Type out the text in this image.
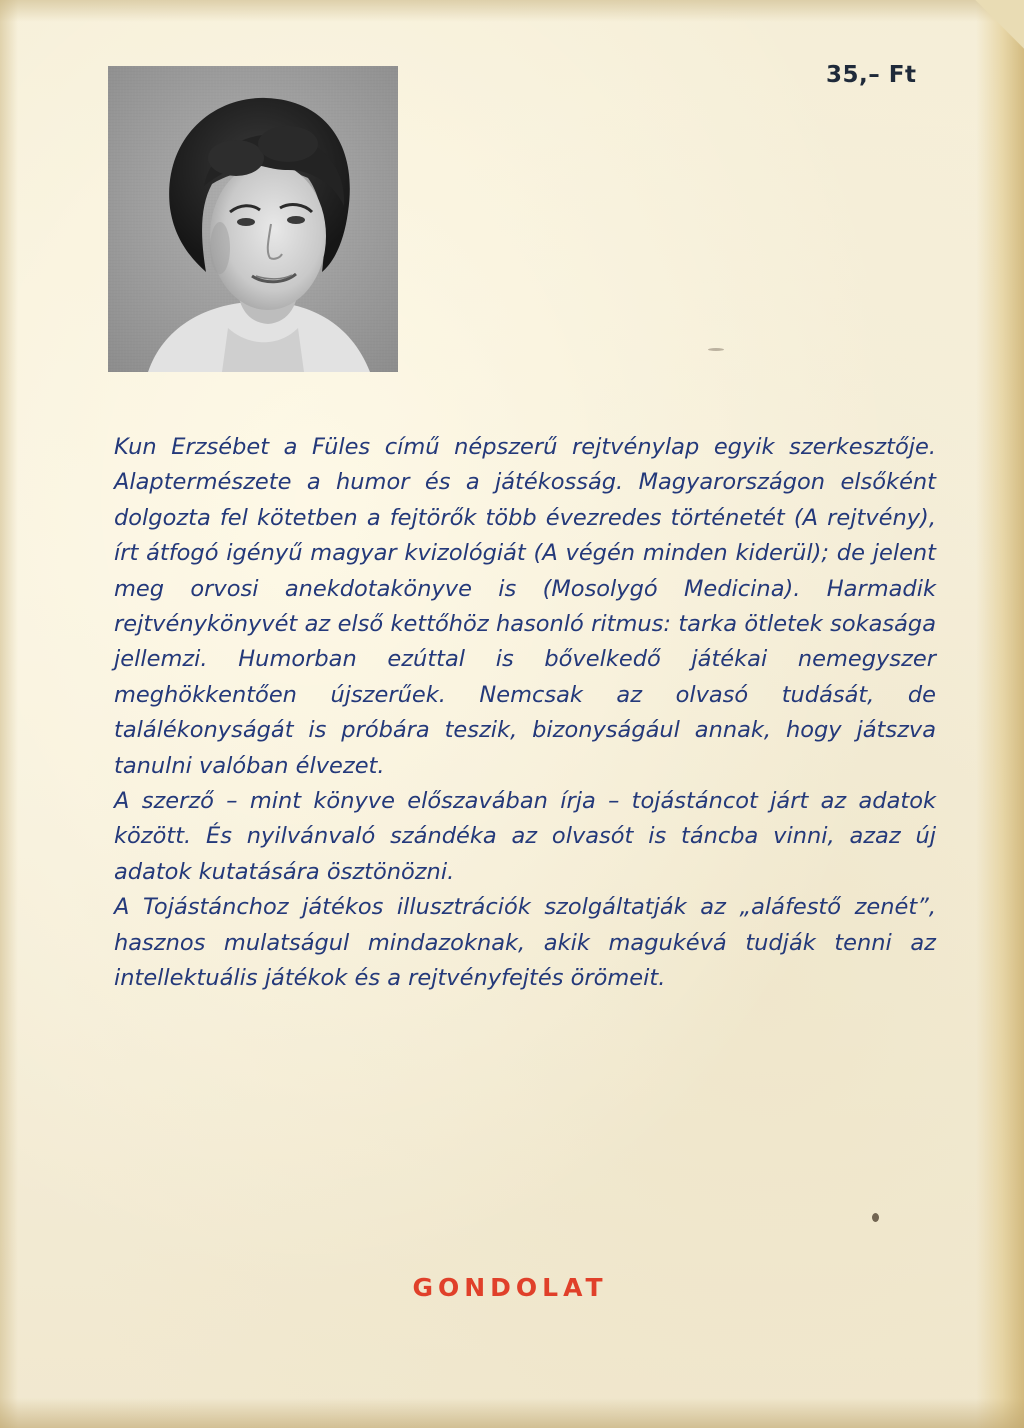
35,– Ft

Kun Erzsébet a Füles című népszerű rejtvénylap egyik szerkesztője. Alaptermészete a humor és a játékosság. Magyarországon elsőként dolgozta fel kötetben a fejtörők több évezredes történetét (A rejtvény), írt átfogó igényű magyar kvizológiát (A végén minden kiderül); de jelent meg orvosi anekdotakönyve is (Mosolygó Medicina). Harmadik rejtvénykönyvét az első kettőhöz hasonló ritmus: tarka ötletek sokasága jellemzi. Humorban ezúttal is bővelkedő játékai nemegyszer meghökkentően újszerűek. Nemcsak az olvasó tudását, de találékonyságát is próbára teszik, bizonyságául annak, hogy játszva tanulni valóban élvezet.

A szerző – mint könyve előszavában írja – tojástáncot járt az adatok között. És nyilvánvaló szándéka az olvasót is táncba vinni, azaz új adatok kutatására ösztönözni.

A Tojástánchoz játékos illusztrációk szolgáltatják az „aláfestő zenét”, hasznos mulatságul mindazoknak, akik magukévá tudják tenni az intellektuális játékok és a rejtvényfejtés örömeit.

GONDOLAT
